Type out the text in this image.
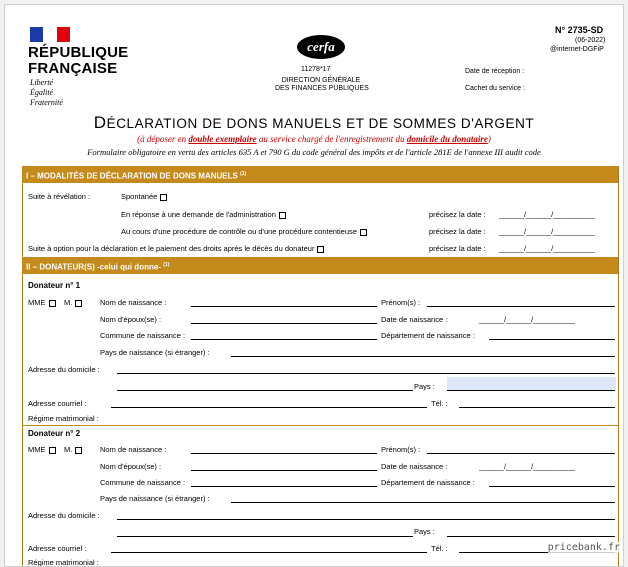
RÉPUBLIQUE
FRANÇAISE
Liberté
Égalité
Fraternité
cerfa
11278*17
DIRECTION GÉNÉRALE
DES FINANCES PUBLIQUES
N° 2735-SD
(06-2022)
@internet-DGFiP
Date de réception :
Cachet du service :
DÉCLARATION DE DONS MANUELS ET DE SOMMES D'ARGENT
(à déposer en double exemplaire au service chargé de l'enregistrement du domicile du donataire)
Formulaire obligatoire en vertu des articles 635 A et 790 G du code général des impôts et de l'article 281E de l'annexe III audit code
I – MODALITÉS DE DÉCLARATION DE DONS MANUELS $^{(1)}$
Suite à révélation :	Spontanée
En réponse à une demande de l'administration	précisez la date : ______/______/__________
Au cours d'une procédure de contrôle ou d'une procédure contentieuse	précisez la date : ______/______/__________
Suite à option pour la déclaration et le paiement des droits après le décès du donateur	précisez la date : ______/______/__________
II – DONATEUR(S) -celui qui donne- $^{(1)}$
Donateur n° 1
MME	M.	Nom de naissance :	Prénom(s) :
Nom d'époux(se) :	Date de naissance :	______/______/__________
Commune de naissance :	Département de naissance :
Pays de naissance (si étranger) :
Adresse du domicile :
Pays :
Adresse courriel :	Tél. :
Régime matrimonial :
Donateur n° 2
MME	M.	Nom de naissance :	Prénom(s) :
Nom d'époux(se) :	Date de naissance :	______/______/__________
Commune de naissance :	Département de naissance :
Pays de naissance (si étranger) :
Adresse du domicile :
Pays :
Adresse courriel :	Tél. :
Régime matrimonial :
pricebank.fr
